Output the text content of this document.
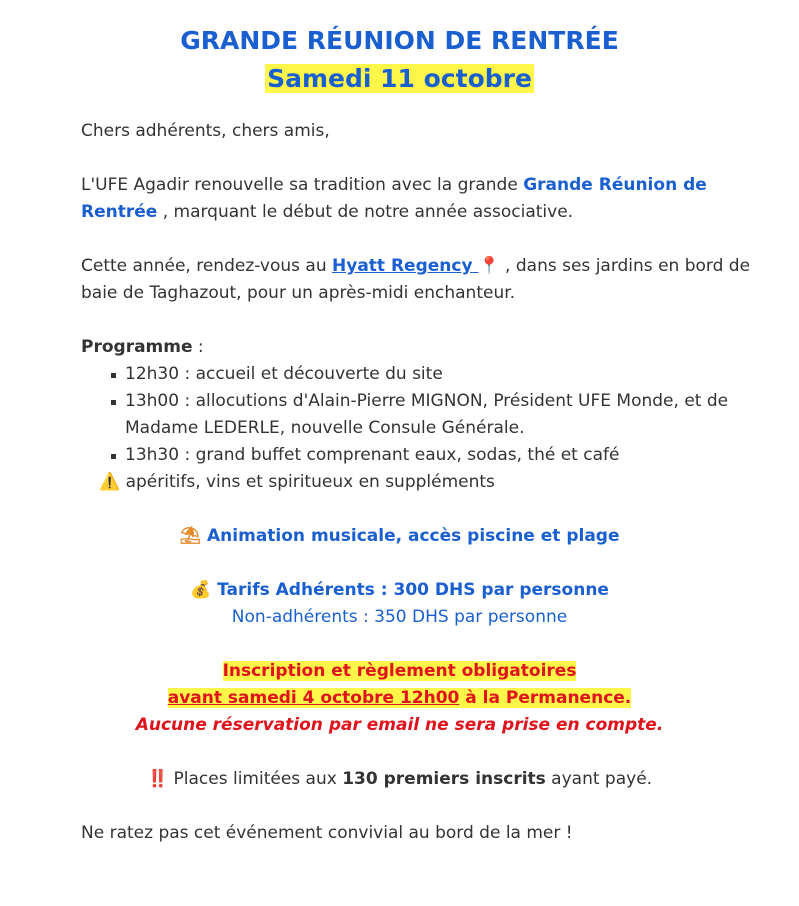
GRANDE RÉUNION DE RENTRÉE
Samedi 11 octobre

Chers adhérents, chers amis,

L'UFE Agadir renouvelle sa tradition avec la grande Grande Réunion de Rentrée , marquant le début de notre année associative.

Cette année, rendez-vous au Hyatt Regency 📍 , dans ses jardins en bord de baie de Taghazout, pour un après-midi enchanteur.

Programme :

12h30 : accueil et découverte du site
13h00 : allocutions d'Alain-Pierre MIGNON, Président UFE Monde, et de Madame LEDERLE, nouvelle Consule Générale.
13h30 : grand buffet comprenant eaux, sodas, thé et café

⚠️ apéritifs, vins et spiritueux en suppléments

⛱ Animation musicale, accès piscine et plage

💰 Tarifs Adhérents : 300 DHS par personne

Non-adhérents : 350 DHS par personne

Inscription et règlement obligatoires

avant samedi 4 octobre 12h00 à la Permanence.

Aucune réservation par email ne sera prise en compte.

‼️ Places limitées aux 130 premiers inscrits ayant payé.

Ne ratez pas cet événement convivial au bord de la mer !
